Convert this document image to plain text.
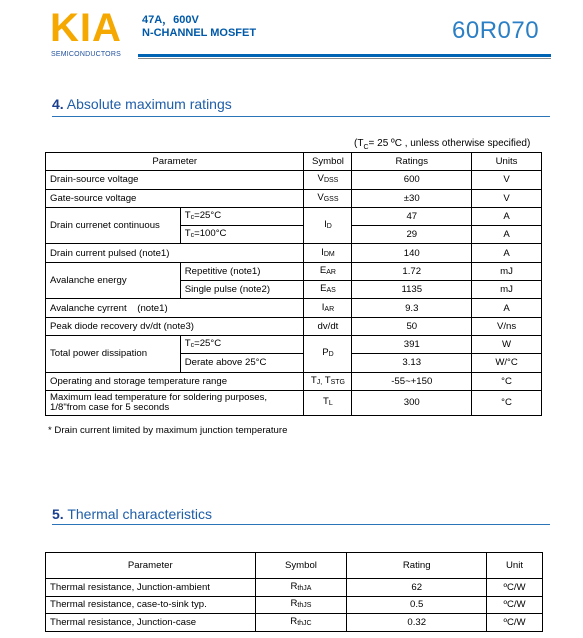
KIA
SEMICONDUCTORS
47A，600V
N-CHANNEL MOSFET	60R070
4. Absolute maximum ratings
($T_C= 25$ ºC , unless otherwise specified)
Parameter		Symbol	Ratings	Units
Drain-source voltage		$V_{DSS}$	600	V
Gate-source voltage		$V_{GSS}$	±30	V
Drain currenet continuous	$T_c=25^\circ C$	$I_D$	47	A
	$T_c=100^\circ C$		29	A
Drain current pulsed (note1)		$I_{DM}$	140	A
Avalanche energy	Repetitive (note1)	$E_{AR}$	1.72	mJ
	Single pulse (note2)	$E_{AS}$	1135	mJ
Avalanche cyrrent    (note1)		$I_{AR}$	9.3	A
Peak diode recovery dv/dt (note3)		dv/dt	50	V/ns
Total power dissipation	$T_c=25^\circ C$	$P_D$	391	W
	Derate above 25°C		3.13	W/°C
Operating and storage temperature range		$T_{J,}$ $T_{STG}$	-55~+150	°C

Maximum lead temperature for soldering purposes,
1/8"from case for 5 seconds		$T_L$	300	°C
* Drain current limited by maximum junction temperature
5. Thermal characteristics
Parameter	Symbol	Rating	Unit
Thermal resistance, Junction-ambient	$R_{thJA}$	62	ºC/W
Thermal resistance, case-to-sink typ.	$R_{thJS}$	0.5	ºC/W
Thermal resistance, Junction-case	$R_{thJC}$	0.32	ºC/W
